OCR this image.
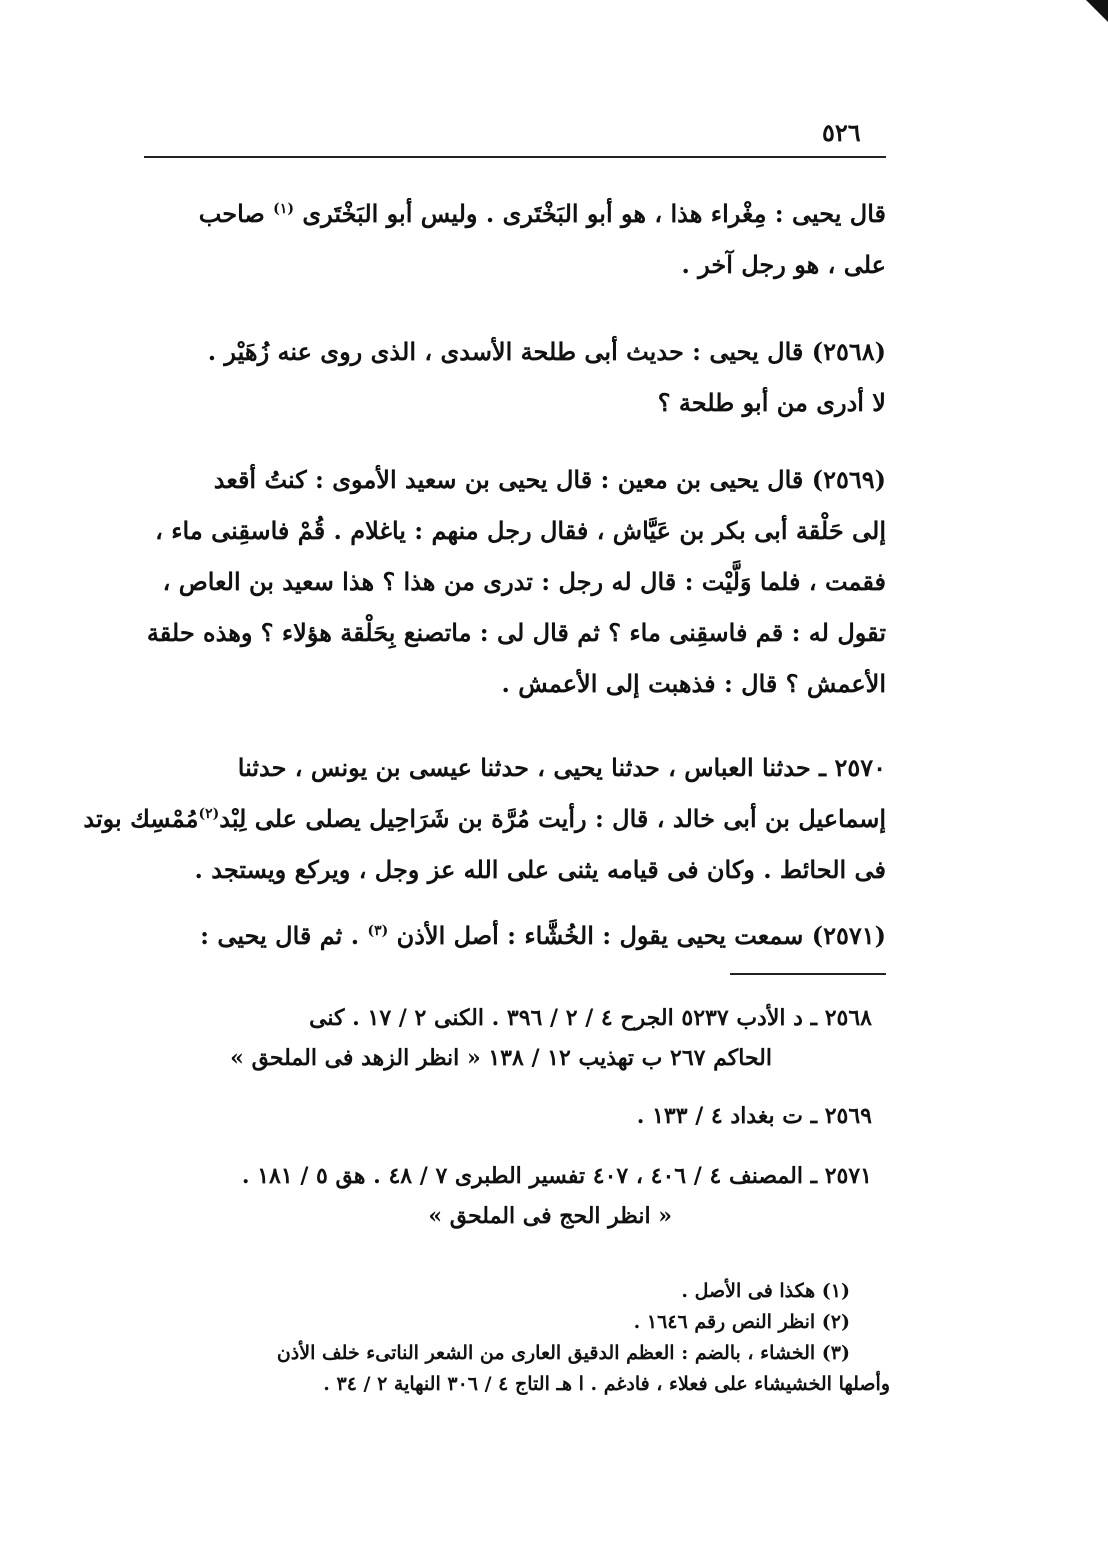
٥٢٦
قال يحيى : مِغْراء هذا ، هو أبو البَخْتَرى . وليس أبو البَخْتَرى $^{(١)}$ صاحب
على ، هو رجل آخر .
(٢٥٦٨) قال يحيى : حديث أبى طلحة الأسدى ، الذى روى عنه زُهَيْر .
لا أدرى من أبو طلحة ؟
(٢٥٦٩) قال يحيى بن معين : قال يحيى بن سعيد الأموى : كنتُ أقعد
إلى حَلْقة أبى بكر بن عَيَّاش ، فقال رجل منهم : ياغلام . قُمْ فاسقِنى ماء ،
فقمت ، فلما وَلَّيْت : قال له رجل : تدرى من هذا ؟ هذا سعيد بن العاص ،
تقول له : قم فاسقِنى ماء ؟ ثم قال لى : ماتصنع بِحَلْقة هؤلاء ؟ وهذه حلقة
الأعمش ؟ قال : فذهبت إلى الأعمش .
٢٥٧٠ ـ حدثنا العباس ، حدثنا يحيى ، حدثنا عيسى بن يونس ، حدثنا
إسماعيل بن أبى خالد ، قال : رأيت مُرَّة بن شَرَاحِيل يصلى على لِبْد$^{(٢)}$مُمْسِك بوتد
فى الحائط . وكان فى قيامه يثنى على الله عز وجل ، ويركع ويستجد .
(٢٥٧١) سمعت يحيى يقول : الخُشَّاء : أصل الأذن $^{(٣)}$ . ثم قال يحيى :
٢٥٦٨ ـ د الأدب ٥٢٣٧ الجرح ٤ / ٢ / ٣٩٦ . الكنى ٢ / ١٧ . كنى
الحاكم ٢٦٧ ب تهذيب ١٢ / ١٣٨ « انظر الزهد فى الملحق »
٢٥٦٩ ـ ت بغداد ٤ / ١٣٣ .
٢٥٧١ ـ المصنف ٤ / ٤٠٦ ، ٤٠٧ تفسير الطبرى ٧ / ٤٨ . هق ٥ / ١٨١ .
« انظر الحج فى الملحق »
(١) هكذا فى الأصل .
(٢) انظر النص رقم ١٦٤٦ .
(٣) الخشاء ، بالضم : العظم الدقيق العارى من الشعر الناتىء خلف الأذن
وأصلها الخشيشاء على فعلاء ، فادغم . ا هـ التاج ٤ / ٣٠٦ النهاية ٢ / ٣٤ .
